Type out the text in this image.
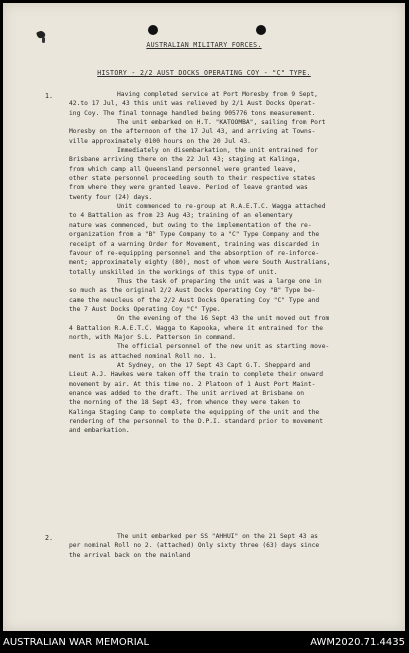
AUSTRALIAN MILITARY FORCES.
HISTORY - 2/2 AUST DOCKS OPERATING COY - "C" TYPE.
1.	Having completed service at Port Moresby from 9 Sept,
42.to 17 Jul, 43 this unit was relieved by 2/1 Aust Docks Operat-
ing Coy. The final tonnage handled being 905776 tons measurement.
The unit embarked on H.T. "KATOOMBA", sailing from Port
Moresby on the afternoon of the 17 Jul 43, and arriving at Towns-
ville approximately 0100 hours on the 20 Jul 43.
Immediately on disembarkation, the unit entrained for
Brisbane arriving there on the 22 Jul 43; staging at Kalinga,
from which camp all Queensland personnel were granted leave,
other state personnel proceeding south to their respective states
from where they were granted leave. Period of leave granted was
twenty four (24) days.
Unit commenced to re-group at R.A.E.T.C. Wagga attached
to 4 Battalion as from 23 Aug 43; training of an elementary
nature was commenced, but owing to the implementation of the re-
organization from a "B" Type Company to a "C" Type Company and the
receipt of a warning Order for Movement, training was discarded in
favour of re-equipping personnel and the absorption of re-inforce-
ment; approximately eighty (80), most of whom were South Australians,
totally unskilled in the workings of this type of unit.
Thus the task of preparing the unit was a large one in
so much as the original 2/2 Aust Docks Operating Coy "B" Type be-
came the neucleus of the 2/2 Aust Docks Operating Coy "C" Type and
the 7 Aust Docks Operating Coy "C" Type.
On the evening of the 16 Sept 43 the unit moved out from
4 Battalion R.A.E.T.C. Wagga to Kapooka, where it entrained for the
north, with Major S.L. Patterson in command.
The official personnel of the new unit as starting move-
ment is as attached nominal Roll no. 1.
At Sydney, on the 17 Sept 43 Capt G.T. Sheppard and
Lieut A.J. Hawkes were taken off the train to complete their onward
movement by air. At this time no. 2 Platoon of 1 Aust Port Maint-
enance was added to the draft. The unit arrived at Brisbane on
the morning of the 18 Sept 43, from whence they were taken to
Kalinga Staging Camp to complete the equipping of the unit and the
rendering of the personnel to the D.P.I. standard prior to movement
and embarkation.
2.	The unit embarked per SS "AHHUI" on the 21 Sept 43 as
per nominal Roll no 2. (attached) Only sixty three (63) days since
the arrival back on the mainland
AUSTRALIAN WAR MEMORIAL	AWM2020.71.4435
